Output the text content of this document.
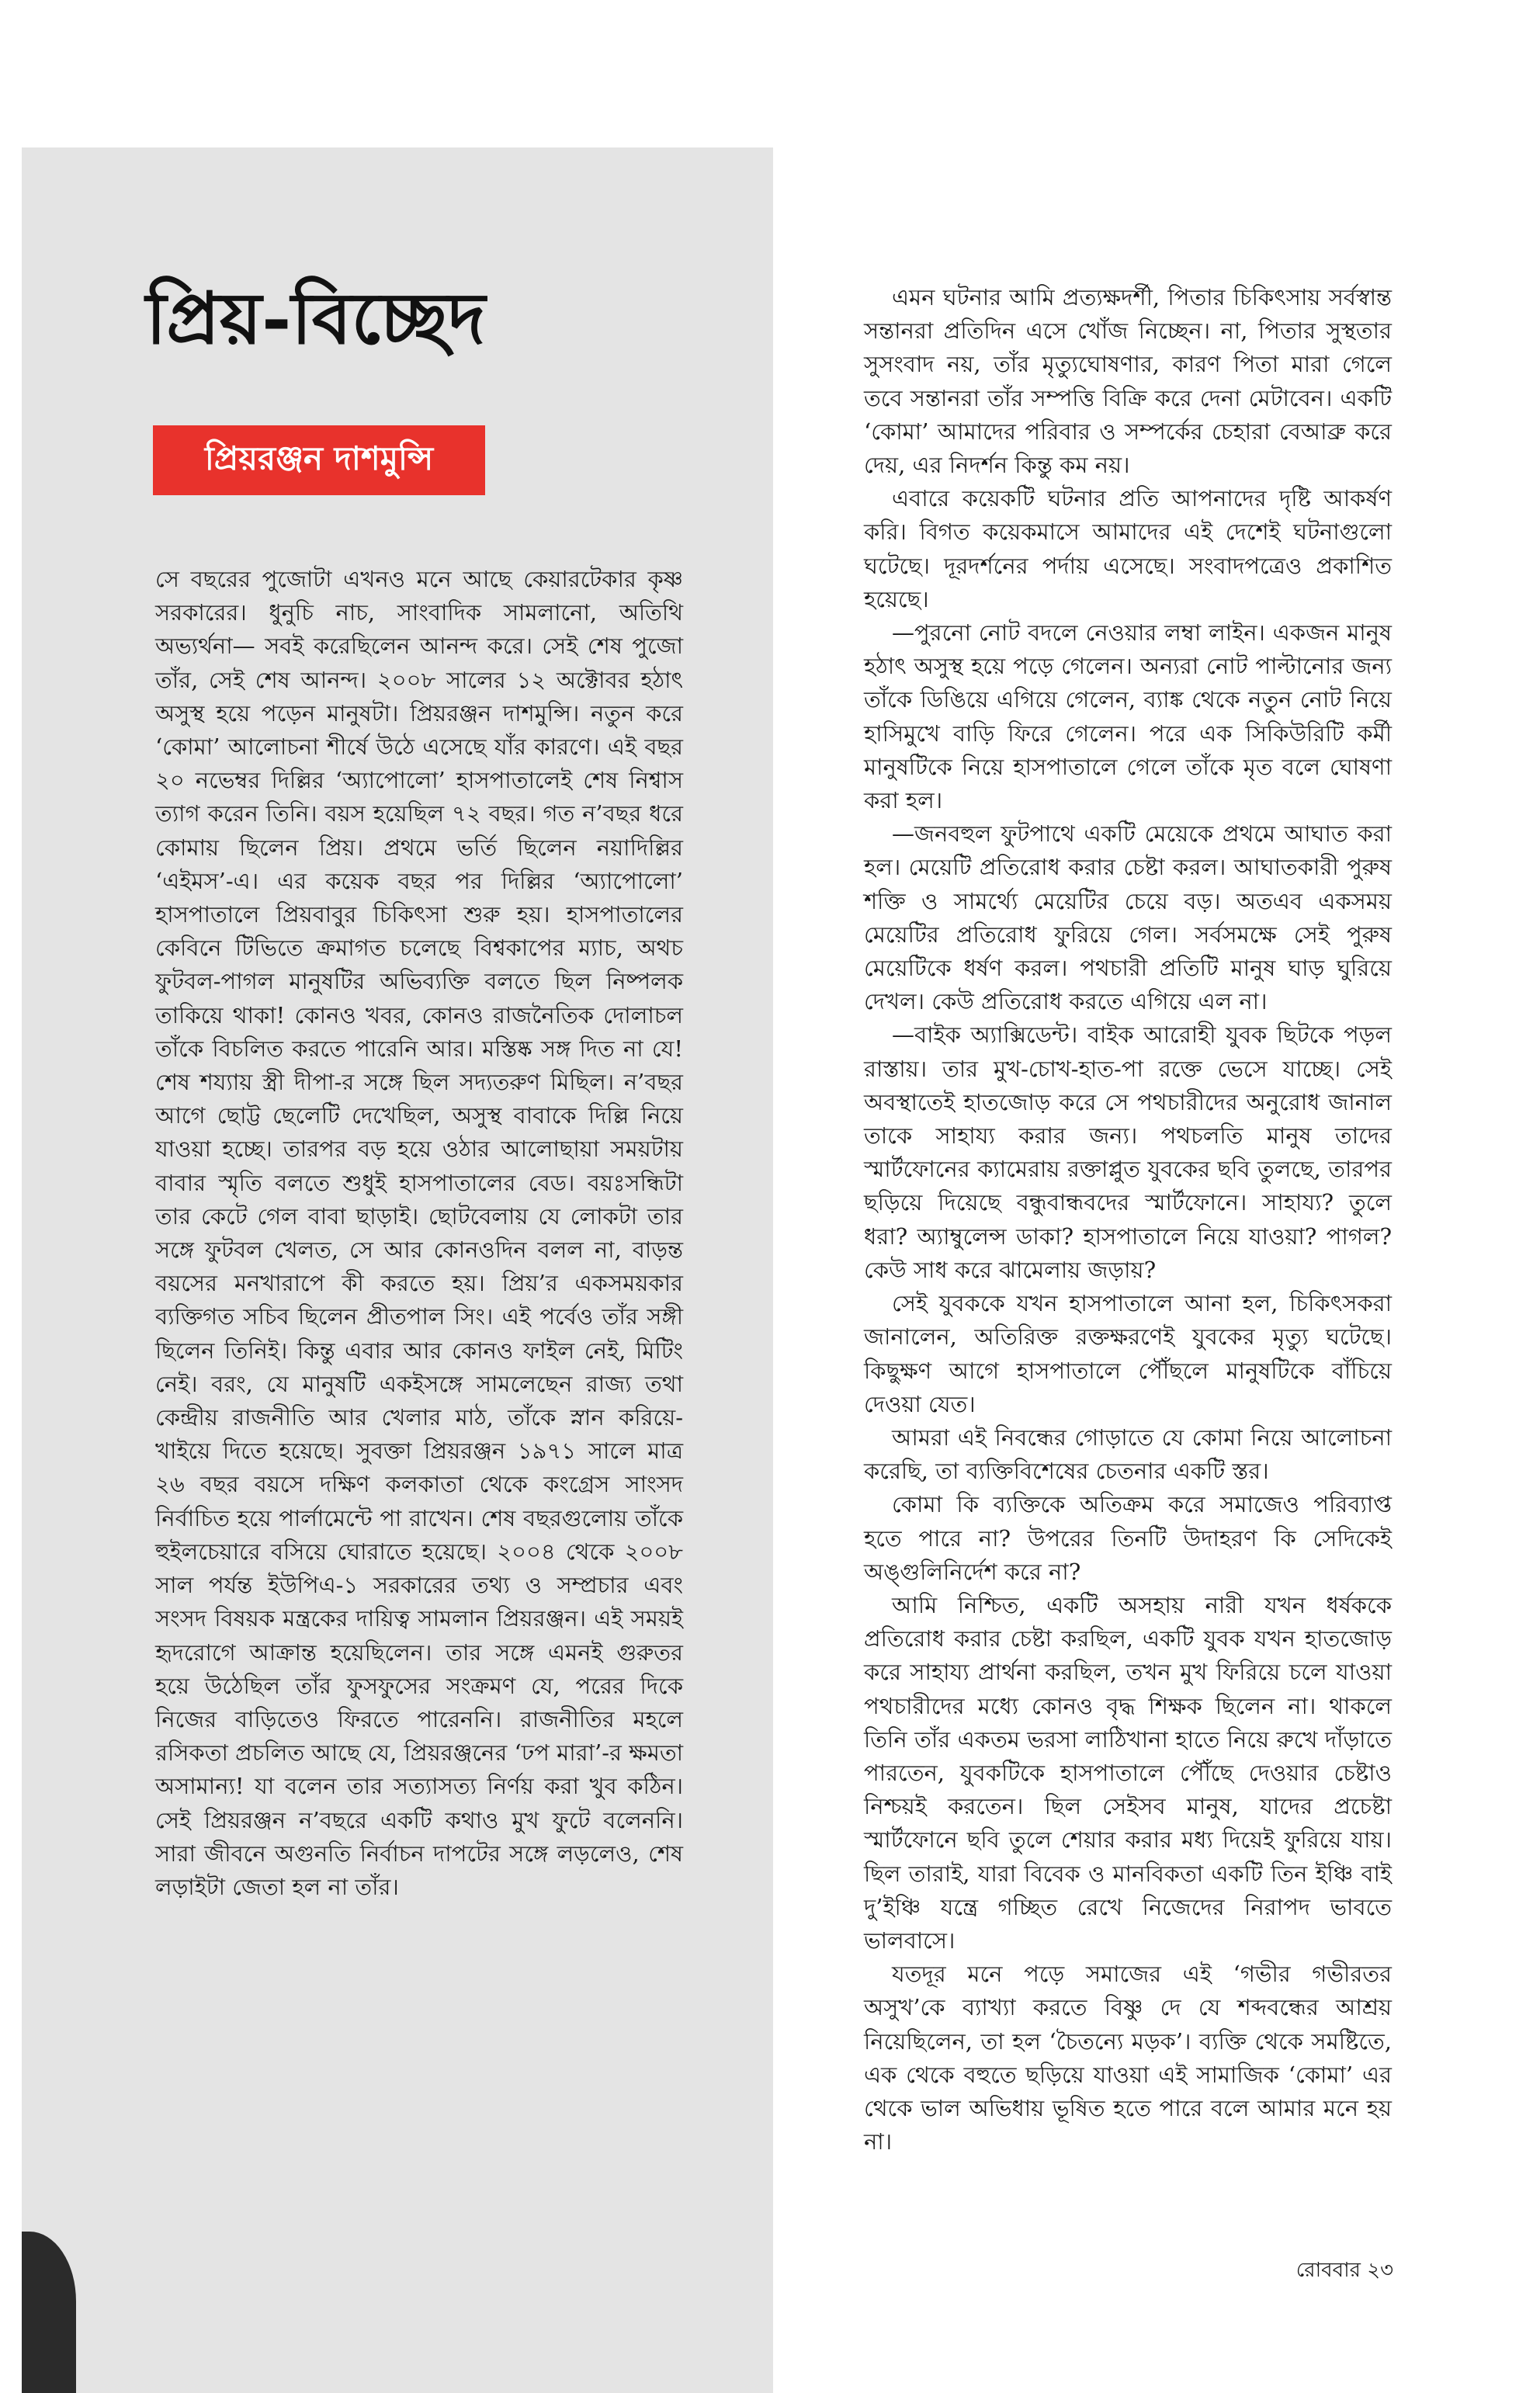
প্রিয়-বিচ্ছেদ
প্রিয়রঞ্জন দাশমুন্সি

সে বছরের পুজোটা এখনও মনে আছে কেয়ারটেকার কৃষ্ণ সরকারের। ধুনুচি নাচ, সাংবাদিক সামলানো, অতিথি অভ্যর্থনা— সবই করেছিলেন আনন্দ করে। সেই শেষ পুজো তাঁর, সেই শেষ আনন্দ। ২০০৮ সালের ১২ অক্টোবর হঠাৎ অসুস্থ হয়ে পড়েন মানুষটা। প্রিয়রঞ্জন দাশমুন্সি। নতুন করে ‘কোমা’ আলোচনা শীর্ষে উঠে এসেছে যাঁর কারণে। এই বছর ২০ নভেম্বর দিল্লির ‘অ্যাপোলো’ হাসপাতালেই শেষ নিশ্বাস ত্যাগ করেন তিনি। বয়স হয়েছিল ৭২ বছর। গত ন’বছর ধরে কোমায় ছিলেন প্রিয়। প্রথমে ভর্তি ছিলেন নয়াদিল্লির ‘এইমস’-এ। এর কয়েক বছর পর দিল্লির ‘অ্যাপোলো’ হাসপাতালে প্রিয়বাবুর চিকিৎসা শুরু হয়। হাসপাতালের কেবিনে টিভিতে ক্রমাগত চলেছে বিশ্বকাপের ম্যাচ, অথচ ফুটবল-পাগল মানুষটির অভিব্যক্তি বলতে ছিল নিষ্পলক তাকিয়ে থাকা! কোনও খবর, কোনও রাজনৈতিক দোলাচল তাঁকে বিচলিত করতে পারেনি আর। মস্তিষ্ক সঙ্গ দিত না যে! শেষ শয্যায় স্ত্রী দীপা-র সঙ্গে ছিল সদ্যতরুণ মিছিল। ন’বছর আগে ছোট্ট ছেলেটি দেখেছিল, অসুস্থ বাবাকে দিল্লি নিয়ে যাওয়া হচ্ছে। তারপর বড় হয়ে ওঠার আলোছায়া সময়টায় বাবার স্মৃতি বলতে শুধুই হাসপাতালের বেড। বয়ঃসন্ধিটা তার কেটে গেল বাবা ছাড়াই। ছোটবেলায় যে লোকটা তার সঙ্গে ফুটবল খেলত, সে আর কোনওদিন বলল না, বাড়ন্ত বয়সের মনখারাপে কী করতে হয়। প্রিয়’র একসময়কার ব্যক্তিগত সচিব ছিলেন প্রীতপাল সিং। এই পর্বেও তাঁর সঙ্গী ছিলেন তিনিই। কিন্তু এবার আর কোনও ফাইল নেই, মিটিং নেই। বরং, যে মানুষটি একইসঙ্গে সামলেছেন রাজ্য তথা কেন্দ্রীয় রাজনীতি আর খেলার মাঠ, তাঁকে স্নান করিয়ে-খাইয়ে দিতে হয়েছে। সুবক্তা প্রিয়রঞ্জন ১৯৭১ সালে মাত্র ২৬ বছর বয়সে দক্ষিণ কলকাতা থেকে কংগ্রেস সাংসদ নির্বাচিত হয়ে পার্লামেন্টে পা রাখেন। শেষ বছরগুলোয় তাঁকে হুইলচেয়ারে বসিয়ে ঘোরাতে হয়েছে। ২০০৪ থেকে ২০০৮ সাল পর্যন্ত ইউপিএ-১ সরকারের তথ্য ও সম্প্রচার এবং সংসদ বিষয়ক মন্ত্রকের দায়িত্ব সামলান প্রিয়রঞ্জন। এই সময়ই হৃদরোগে আক্রান্ত হয়েছিলেন। তার সঙ্গে এমনই গুরুতর হয়ে উঠেছিল তাঁর ফুসফুসের সংক্রমণ যে, পরের দিকে নিজের বাড়িতেও ফিরতে পারেননি। রাজনীতির মহলে রসিকতা প্রচলিত আছে যে, প্রিয়রঞ্জনের ‘ঢপ মারা’-র ক্ষমতা অসামান্য! যা বলেন তার সত্যাসত্য নির্ণয় করা খুব কঠিন। সেই প্রিয়রঞ্জন ন’বছরে একটি কথাও মুখ ফুটে বলেননি। সারা জীবনে অগুনতি নির্বাচন দাপটের সঙ্গে লড়লেও, শেষ লড়াইটা জেতা হল না তাঁর।

এমন ঘটনার আমি প্রত্যক্ষদর্শী, পিতার চিকিৎসায় সর্বস্বান্ত সন্তানরা প্রতিদিন এসে খোঁজ নিচ্ছেন। না, পিতার সুস্থতার সুসংবাদ নয়, তাঁর মৃত্যুঘোষণার, কারণ পিতা মারা গেলে তবে সন্তানরা তাঁর সম্পত্তি বিক্রি করে দেনা মেটাবেন। একটি ‘কোমা’ আমাদের পরিবার ও সম্পর্কের চেহারা বেআব্রু করে দেয়, এর নিদর্শন কিন্তু কম নয়।

এবারে কয়েকটি ঘটনার প্রতি আপনাদের দৃষ্টি আকর্ষণ করি। বিগত কয়েকমাসে আমাদের এই দেশেই ঘটনাগুলো ঘটেছে। দূরদর্শনের পর্দায় এসেছে। সংবাদপত্রেও প্রকাশিত হয়েছে।

—পুরনো নোট বদলে নেওয়ার লম্বা লাইন। একজন মানুষ হঠাৎ অসুস্থ হয়ে পড়ে গেলেন। অন্যরা নোট পাল্টানোর জন্য তাঁকে ডিঙিয়ে এগিয়ে গেলেন, ব্যাঙ্ক থেকে নতুন নোট নিয়ে হাসিমুখে বাড়ি ফিরে গেলেন। পরে এক সিকিউরিটি কর্মী মানুষটিকে নিয়ে হাসপাতালে গেলে তাঁকে মৃত বলে ঘোষণা করা হল।

—জনবহুল ফুটপাথে একটি মেয়েকে প্রথমে আঘাত করা হল। মেয়েটি প্রতিরোধ করার চেষ্টা করল। আঘাতকারী পুরুষ শক্তি ও সামর্থ্যে মেয়েটির চেয়ে বড়। অতএব একসময় মেয়েটির প্রতিরোধ ফুরিয়ে গেল। সর্বসমক্ষে সেই পুরুষ মেয়েটিকে ধর্ষণ করল। পথচারী প্রতিটি মানুষ ঘাড় ঘুরিয়ে দেখল। কেউ প্রতিরোধ করতে এগিয়ে এল না।

—বাইক অ্যাক্সিডেন্ট। বাইক আরোহী যুবক ছিটকে পড়ল রাস্তায়। তার মুখ-চোখ-হাত-পা রক্তে ভেসে যাচ্ছে। সেই অবস্থাতেই হাতজোড় করে সে পথচারীদের অনুরোধ জানাল তাকে সাহায্য করার জন্য। পথচলতি মানুষ তাদের স্মার্টফোনের ক্যামেরায় রক্তাপ্লুত যুবকের ছবি তুলছে, তারপর ছড়িয়ে দিয়েছে বন্ধুবান্ধবদের স্মার্টফোনে। সাহায্য? তুলে ধরা? অ্যাম্বুলেন্স ডাকা? হাসপাতালে নিয়ে যাওয়া? পাগল? কেউ সাধ করে ঝামেলায় জড়ায়?

সেই যুবককে যখন হাসপাতালে আনা হল, চিকিৎসকরা জানালেন, অতিরিক্ত রক্তক্ষরণেই যুবকের মৃত্যু ঘটেছে। কিছুক্ষণ আগে হাসপাতালে পৌঁছলে মানুষটিকে বাঁচিয়ে দেওয়া যেত।

আমরা এই নিবন্ধের গোড়াতে যে কোমা নিয়ে আলোচনা করেছি, তা ব্যক্তিবিশেষের চেতনার একটি স্তর।

কোমা কি ব্যক্তিকে অতিক্রম করে সমাজেও পরিব্যাপ্ত হতে পারে না? উপরের তিনটি উদাহরণ কি সেদিকেই অঙ্গুলিনির্দেশ করে না?

আমি নিশ্চিত, একটি অসহায় নারী যখন ধর্ষককে প্রতিরোধ করার চেষ্টা করছিল, একটি যুবক যখন হাতজোড় করে সাহায্য প্রার্থনা করছিল, তখন মুখ ফিরিয়ে চলে যাওয়া পথচারীদের মধ্যে কোনও বৃদ্ধ শিক্ষক ছিলেন না। থাকলে তিনি তাঁর একতম ভরসা লাঠিখানা হাতে নিয়ে রুখে দাঁড়াতে পারতেন, যুবকটিকে হাসপাতালে পৌঁছে দেওয়ার চেষ্টাও নিশ্চয়ই করতেন। ছিল সেইসব মানুষ, যাদের প্রচেষ্টা স্মার্টফোনে ছবি তুলে শেয়ার করার মধ্য দিয়েই ফুরিয়ে যায়। ছিল তারাই, যারা বিবেক ও মানবিকতা একটি তিন ইঞ্চি বাই দু’ইঞ্চি যন্ত্রে গচ্ছিত রেখে নিজেদের নিরাপদ ভাবতে ভালবাসে।

যতদূর মনে পড়ে সমাজের এই ‘গভীর গভীরতর অসুখ’কে ব্যাখ্যা করতে বিষ্ণু দে যে শব্দবন্ধের আশ্রয় নিয়েছিলেন, তা হল ‘চৈতন্যে মড়ক’। ব্যক্তি থেকে সমষ্টিতে, এক থেকে বহুতে ছড়িয়ে যাওয়া এই সামাজিক ‘কোমা’ এর থেকে ভাল অভিধায় ভূষিত হতে পারে বলে আমার মনে হয় না।

রোববার ২৩
